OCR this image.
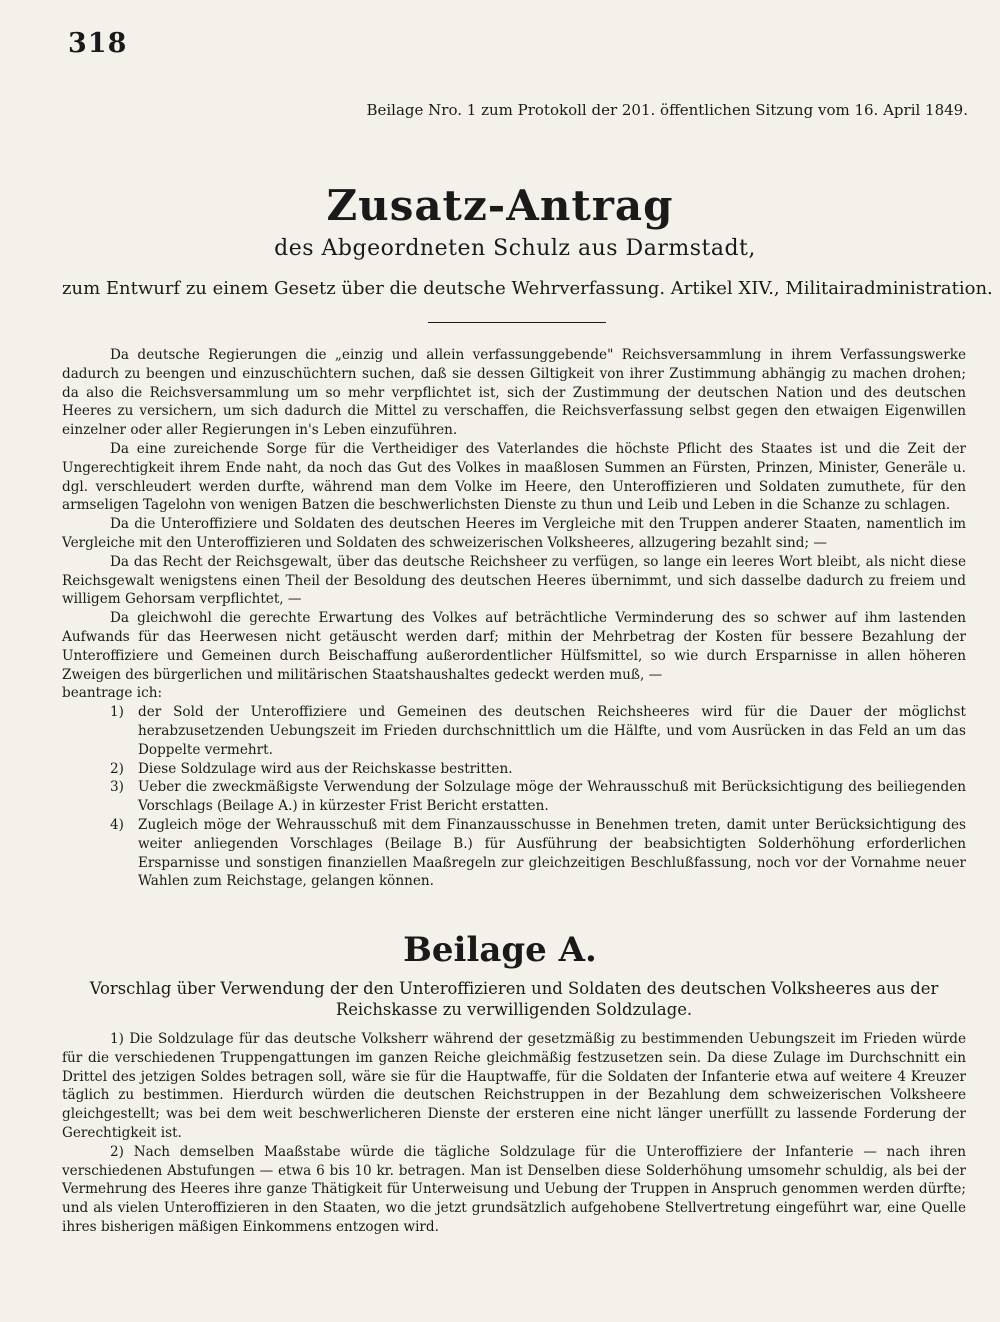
318
Beilage Nro. 1 zum Protokoll der 201. öffentlichen Sitzung vom 16. April 1849.
Zusatz-Antrag
des Abgeordneten Schulz aus Darmstadt,
zum Entwurf zu einem Gesetz über die deutsche Wehrverfassung. Artikel XIV., Militairadministration.

Da deutsche Regierungen die „einzig und allein verfassunggebende" Reichsversammlung in ihrem Verfassungswerke dadurch zu beengen und einzuschüchtern suchen, daß sie dessen Giltigkeit von ihrer Zustimmung abhängig zu machen drohen; da also die Reichsversammlung um so mehr verpflichtet ist, sich der Zustimmung der deutschen Nation und des deutschen Heeres zu versichern, um sich dadurch die Mittel zu verschaffen, die Reichsverfassung selbst gegen den etwaigen Eigenwillen einzelner oder aller Regierungen in's Leben einzuführen.

Da eine zureichende Sorge für die Vertheidiger des Vaterlandes die höchste Pflicht des Staates ist und die Zeit der Ungerechtigkeit ihrem Ende naht, da noch das Gut des Volkes in maaßlosen Summen an Fürsten, Prinzen, Minister, Generäle u. dgl. verschleudert werden durfte, während man dem Volke im Heere, den Unteroffizieren und Soldaten zumuthete, für den armseligen Tagelohn von wenigen Batzen die beschwerlichsten Dienste zu thun und Leib und Leben in die Schanze zu schlagen.

Da die Unteroffiziere und Soldaten des deutschen Heeres im Vergleiche mit den Truppen anderer Staaten, namentlich im Vergleiche mit den Unteroffizieren und Soldaten des schweizerischen Volksheeres, allzugering bezahlt sind; —

Da das Recht der Reichsgewalt, über das deutsche Reichsheer zu verfügen, so lange ein leeres Wort bleibt, als nicht diese Reichsgewalt wenigstens einen Theil der Besoldung des deutschen Heeres übernimmt, und sich dasselbe dadurch zu freiem und willigem Gehorsam verpflichtet, —

Da gleichwohl die gerechte Erwartung des Volkes auf beträchtliche Verminderung des so schwer auf ihm lastenden Aufwands für das Heerwesen nicht getäuscht werden darf; mithin der Mehrbetrag der Kosten für bessere Bezahlung der Unteroffiziere und Gemeinen durch Beischaffung außerordentlicher Hülfsmittel, so wie durch Ersparnisse in allen höheren Zweigen des bürgerlichen und militärischen Staatshaushaltes gedeckt werden muß, —

beantrage ich:

1)	der Sold der Unteroffiziere und Gemeinen des deutschen Reichsheeres wird für die Dauer der möglichst herabzusetzenden Uebungszeit im Frieden durchschnittlich um die Hälfte, und vom Ausrücken in das Feld an um das Doppelte vermehrt.
2)	Diese Soldzulage wird aus der Reichskasse bestritten.
3)	Ueber die zweckmäßigste Verwendung der Solzulage möge der Wehrausschuß mit Berücksichtigung des beiliegenden Vorschlags (Beilage A.) in kürzester Frist Bericht erstatten.
4)	Zugleich möge der Wehrausschuß mit dem Finanzausschusse in Benehmen treten, damit unter Berücksichtigung des weiter anliegenden Vorschlages (Beilage B.) für Ausführung der beabsichtigten Solderhöhung erforderlichen Ersparnisse und sonstigen finanziellen Maaßregeln zur gleichzeitigen Beschlußfassung, noch vor der Vornahme neuer Wahlen zum Reichstage, gelangen können.
Beilage A.
Vorschlag über Verwendung der den Unteroffizieren und Soldaten des deutschen Volksheeres aus der Reichskasse zu verwilligenden Soldzulage.

1) Die Soldzulage für das deutsche Volksherr während der gesetzmäßig zu bestimmenden Uebungszeit im Frieden würde für die verschiedenen Truppengattungen im ganzen Reiche gleichmäßig festzusetzen sein. Da diese Zulage im Durchschnitt ein Drittel des jetzigen Soldes betragen soll, wäre sie für die Hauptwaffe, für die Soldaten der Infanterie etwa auf weitere 4 Kreuzer täglich zu bestimmen. Hierdurch würden die deutschen Reichstruppen in der Bezahlung dem schweizerischen Volksheere gleichgestellt; was bei dem weit beschwerlicheren Dienste der ersteren eine nicht länger unerfüllt zu lassende Forderung der Gerechtigkeit ist.

2) Nach demselben Maaßstabe würde die tägliche Soldzulage für die Unteroffiziere der Infanterie — nach ihren verschiedenen Abstufungen — etwa 6 bis 10 kr. betragen. Man ist Denselben diese Solderhöhung umsomehr schuldig, als bei der Vermehrung des Heeres ihre ganze Thätigkeit für Unterweisung und Uebung der Truppen in Anspruch genommen werden dürfte; und als vielen Unteroffizieren in den Staaten, wo die jetzt grundsätzlich aufgehobene Stellvertretung eingeführt war, eine Quelle ihres bisherigen mäßigen Einkommens entzogen wird.
